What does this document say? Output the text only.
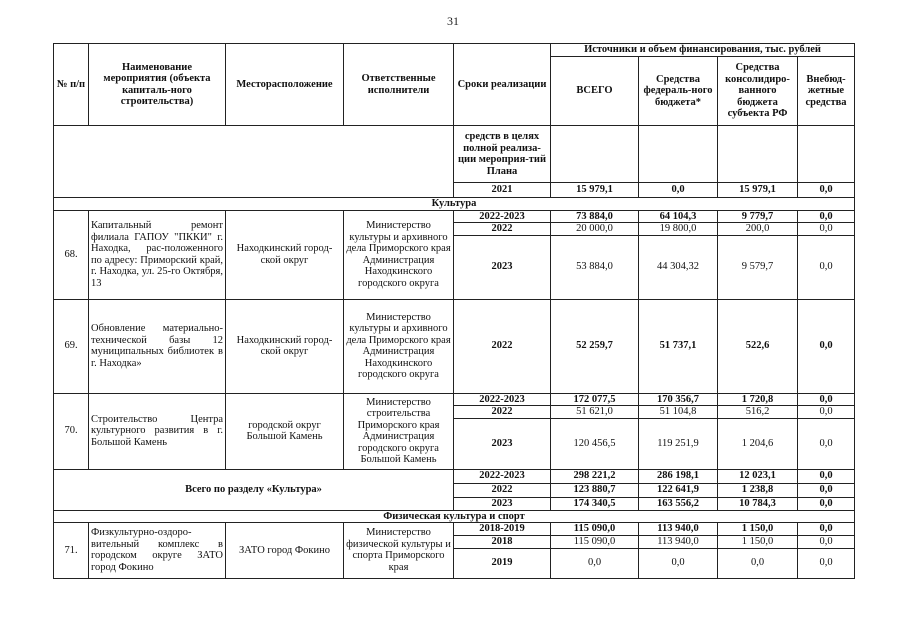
31
№ п/п	Наименование мероприятия (объекта капиталь-ного строительства)	Месторасположение	Ответственные исполнители	Сроки реализации	Источники и объем финансирования, тыс. рублей			
					ВСЕГО	Средства федераль-ного бюджета*	Средства консолидиро-ванного бюджета субъекта РФ	Внебюд-жетные средства
				средств в целях полной реализа-ции мероприя-тий Плана				
				2021	15 979,1	0,0	15 979,1	0,0
Культура								
68.	Капитальный ремонт филиала ГАПОУ "ПККИ" г. Находка, рас-положенного по адресу: Приморский край, г. Находка, ул. 25-го Октября, 13	Находкинский город-ской округ	Министерство культуры и архивного дела Приморского края Администрация Находкинского городского округа	2022-2023	73 884,0	64 104,3	9 779,7	0,0
				2022	20 000,0	19 800,0	200,0	0,0
				2023	53 884,0	44 304,32	9 579,7	0,0
69.	Обновление материально-технической базы 12 муниципальных библиотек в г. Находка»	Находкинский город-ской округ	Министерство культуры и архивного дела Приморского края Администрация Находкинского городского округа	2022	52 259,7	51 737,1	522,6	0,0
70.	Строительство Центра культурного развития в г. Большой Камень	городской округ Большой Камень	Министерство строительства Приморского края Администрация городского округа Большой Камень	2022-2023	172 077,5	170 356,7	1 720,8	0,0
				2022	51 621,0	51 104,8	516,2	0,0
				2023	120 456,5	119 251,9	1 204,6	0,0
Всего по разделу «Культура»				2022-2023	298 221,2	286 198,1	12 023,1	0,0
				2022	123 880,7	122 641,9	1 238,8	0,0
				2023	174 340,5	163 556,2	10 784,3	0,0
Физическая культура и спорт								
71.	Физкультурно-оздоро-вительный комплекс в городском округе ЗАТО город Фокино	ЗАТО город Фокино	Министерство физической культуры и спорта Приморского края	2018-2019	115 090,0	113 940,0	1 150,0	0,0
				2018	115 090,0	113 940,0	1 150,0	0,0
				2019	0,0	0,0	0,0	0,0
